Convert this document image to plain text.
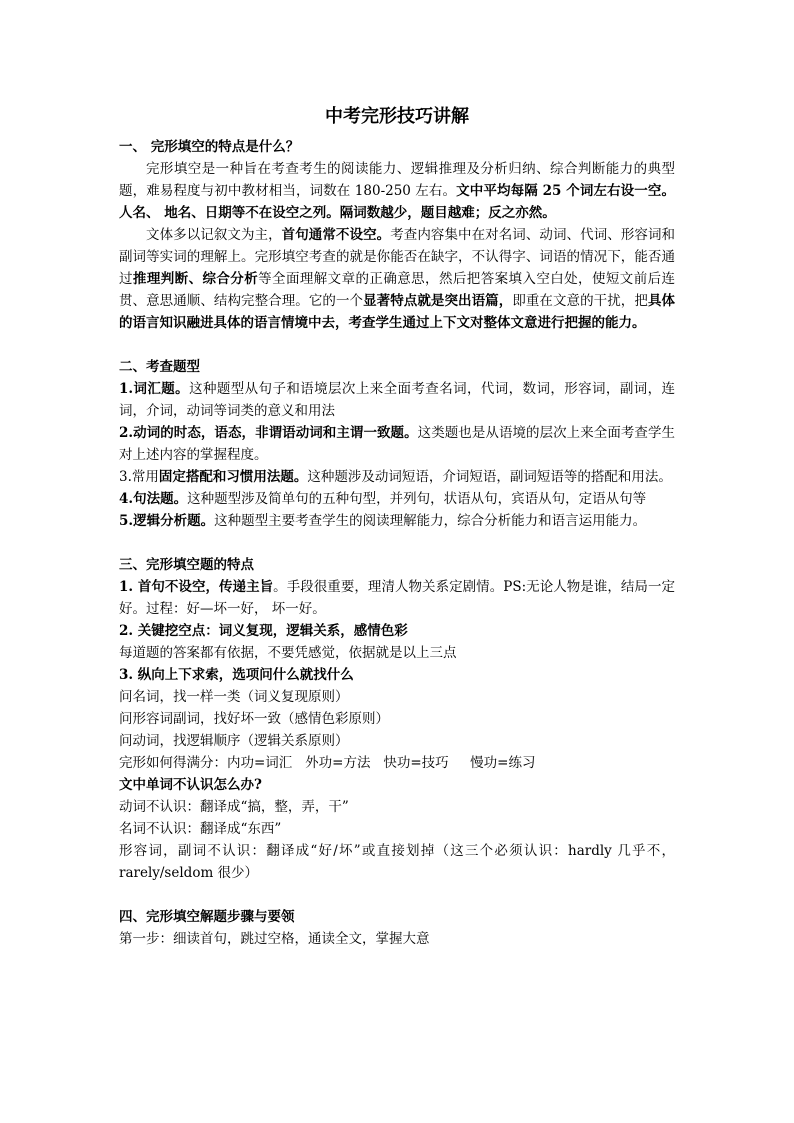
中考完形技巧讲解

一、 完形填空的特点是什么？

完形填空是一种旨在考查考生的阅读能力、逻辑推理及分析归纳、综合判断能力的典型题，难易程度与初中教材相当，词数在 180-250 左右。文中平均每隔 25 个词左右设一空。人名、 地名、日期等不在设空之列。隔词数越少，题目越难；反之亦然。

文体多以记叙文为主，首句通常不设空。考查内容集中在对名词、动词、代词、形容词和副词等实词的理解上。完形填空考查的就是你能否在缺字，不认得字、词语的情况下，能否通过推理判断、综合分析等全面理解文章的正确意思，然后把答案填入空白处，使短文前后连贯、意思通顺、结构完整合理。它的一个显著特点就是突出语篇，即重在文意的干扰，把具体的语言知识融进具体的语言情境中去，考查学生通过上下文对整体文意进行把握的能力。

二、考查题型

1.词汇题。这种题型从句子和语境层次上来全面考查名词，代词，数词，形容词，副词，连词，介词，动词等词类的意义和用法

2.动词的时态，语态，非谓语动词和主谓一致题。这类题也是从语境的层次上来全面考查学生对上述内容的掌握程度。

3.常用固定搭配和习惯用法题。这种题涉及动词短语，介词短语，副词短语等的搭配和用法。

4.句法题。这种题型涉及简单句的五种句型，并列句，状语从句，宾语从句，定语从句等

5.逻辑分析题。这种题型主要考查学生的阅读理解能力，综合分析能力和语言运用能力。

三、完形填空题的特点

1. 首句不设空，传递主旨。手段很重要，理清人物关系定剧情。PS:无论人物是谁，结局一定好。过程：好—坏一好， 坏一好。

2. 关键挖空点：词义复现，逻辑关系，感情色彩

每道题的答案都有依据，不要凭感觉，依据就是以上三点

3. 纵向上下求索，选项问什么就找什么

问名词，找一样一类（词义复现原则）

问形容词副词，找好坏一致（感情色彩原则）

问动词，找逻辑顺序（逻辑关系原则）

完形如何得满分：内功=词汇   外功=方法   快功=技巧     慢功=练习

文中单词不认识怎么办?

动词不认识：翻译成“搞，整，弄，干”

名词不认识：翻译成“东西”

形容词，副词不认识：翻译成“好/坏”或直接划掉（这三个必须认识：hardly 几乎不，rarely/seldom 很少）

四、完形填空解题步骤与要领

第一步：细读首句，跳过空格，通读全文，掌握大意
